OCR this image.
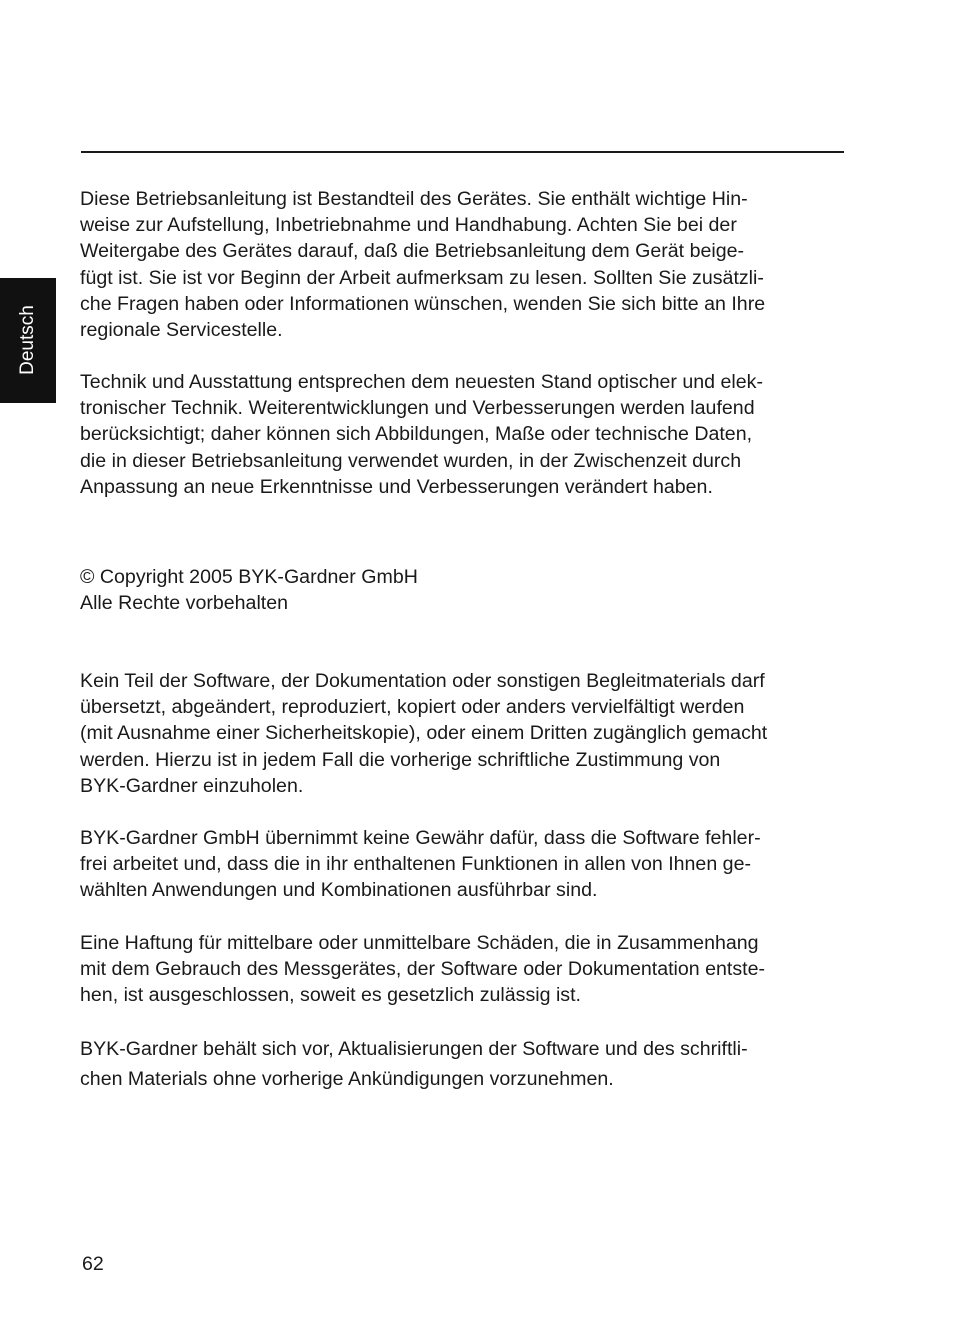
Deutsch

Diese Betriebsanleitung ist Bestandteil des Gerätes. Sie enthält wichtige Hin-
weise zur Aufstellung, Inbetriebnahme und Handhabung. Achten Sie bei der
Weitergabe des Gerätes darauf, daß die Betriebsanleitung dem Gerät beige-
fügt ist. Sie ist vor Beginn der Arbeit aufmerksam zu lesen. Sollten Sie zusätzli-
che Fragen haben oder Informationen wünschen, wenden Sie sich bitte an Ihre
regionale Servicestelle.

Technik und Ausstattung entsprechen dem neuesten Stand optischer und elek-
tronischer Technik. Weiterentwicklungen und Verbesserungen werden laufend
berücksichtigt; daher können sich Abbildungen, Maße oder technische Daten,
die in dieser Betriebsanleitung verwendet wurden, in der Zwischenzeit durch
Anpassung an neue Erkenntnisse und Verbesserungen verändert haben.

© Copyright 2005 BYK-Gardner GmbH
Alle Rechte vorbehalten

Kein Teil der Software, der Dokumentation oder sonstigen Begleitmaterials darf
übersetzt, abgeändert, reproduziert, kopiert oder anders vervielfältigt werden
(mit Ausnahme einer Sicherheitskopie), oder einem Dritten zugänglich gemacht
werden. Hierzu ist in jedem Fall die vorherige schriftliche Zustimmung von
BYK-Gardner einzuholen.

BYK-Gardner GmbH übernimmt keine Gewähr dafür, dass die Software fehler-
frei arbeitet und, dass die in ihr enthaltenen Funktionen in allen von Ihnen ge-
wählten Anwendungen und Kombinationen ausführbar sind.

Eine Haftung für mittelbare oder unmittelbare Schäden, die in Zusammenhang
mit dem Gebrauch des Messgerätes, der Software oder Dokumentation entste-
hen, ist ausgeschlossen, soweit es gesetzlich zulässig ist.

BYK-Gardner behält sich vor, Aktualisierungen der Software und des schriftli-
chen Materials ohne vorherige Ankündigungen vorzunehmen.

62
